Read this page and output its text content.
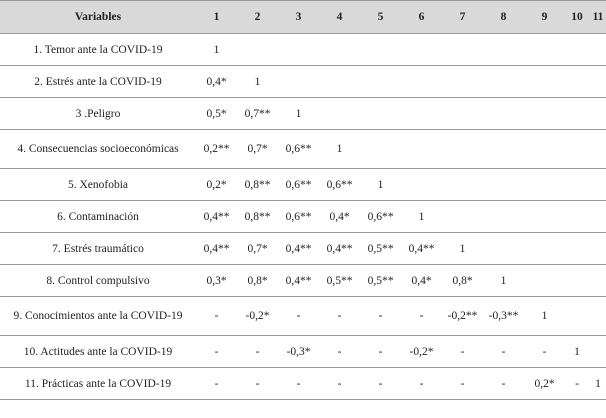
Variables	1	2	3	4	5	6	7	8	9	10	11
1. Temor ante la COVID-19	1										
2. Estrés ante la COVID-19	0,4*	1									
3 .Peligro	0,5*	0,7**	1								
4. Consecuencias socioeconómicas	0,2**	0,7*	0,6**	1							
5. Xenofobia	0,2*	0,8**	0,6**	0,6**	1						
6. Contaminación	0,4**	0,8**	0,6**	0,4*	0,6**	1					
7. Estrés traumático	0,4**	0,7*	0,4**	0,4**	0,5**	0,4**	1				
8. Control compulsivo	0,3*	0,8*	0,4**	0,5**	0,5**	0,4*	0,8*	1			
9. Conocimientos ante la COVID-19	-	-0,2*	-	-	-	-	-0,2**	-0,3**	1		
10. Actitudes ante la COVID-19	-	-	-0,3*	-	-	-0,2*	-	-	-	1	
11. Prácticas ante la COVID-19	-	-	-	-	-	-	-	-	0,2*	-	1
